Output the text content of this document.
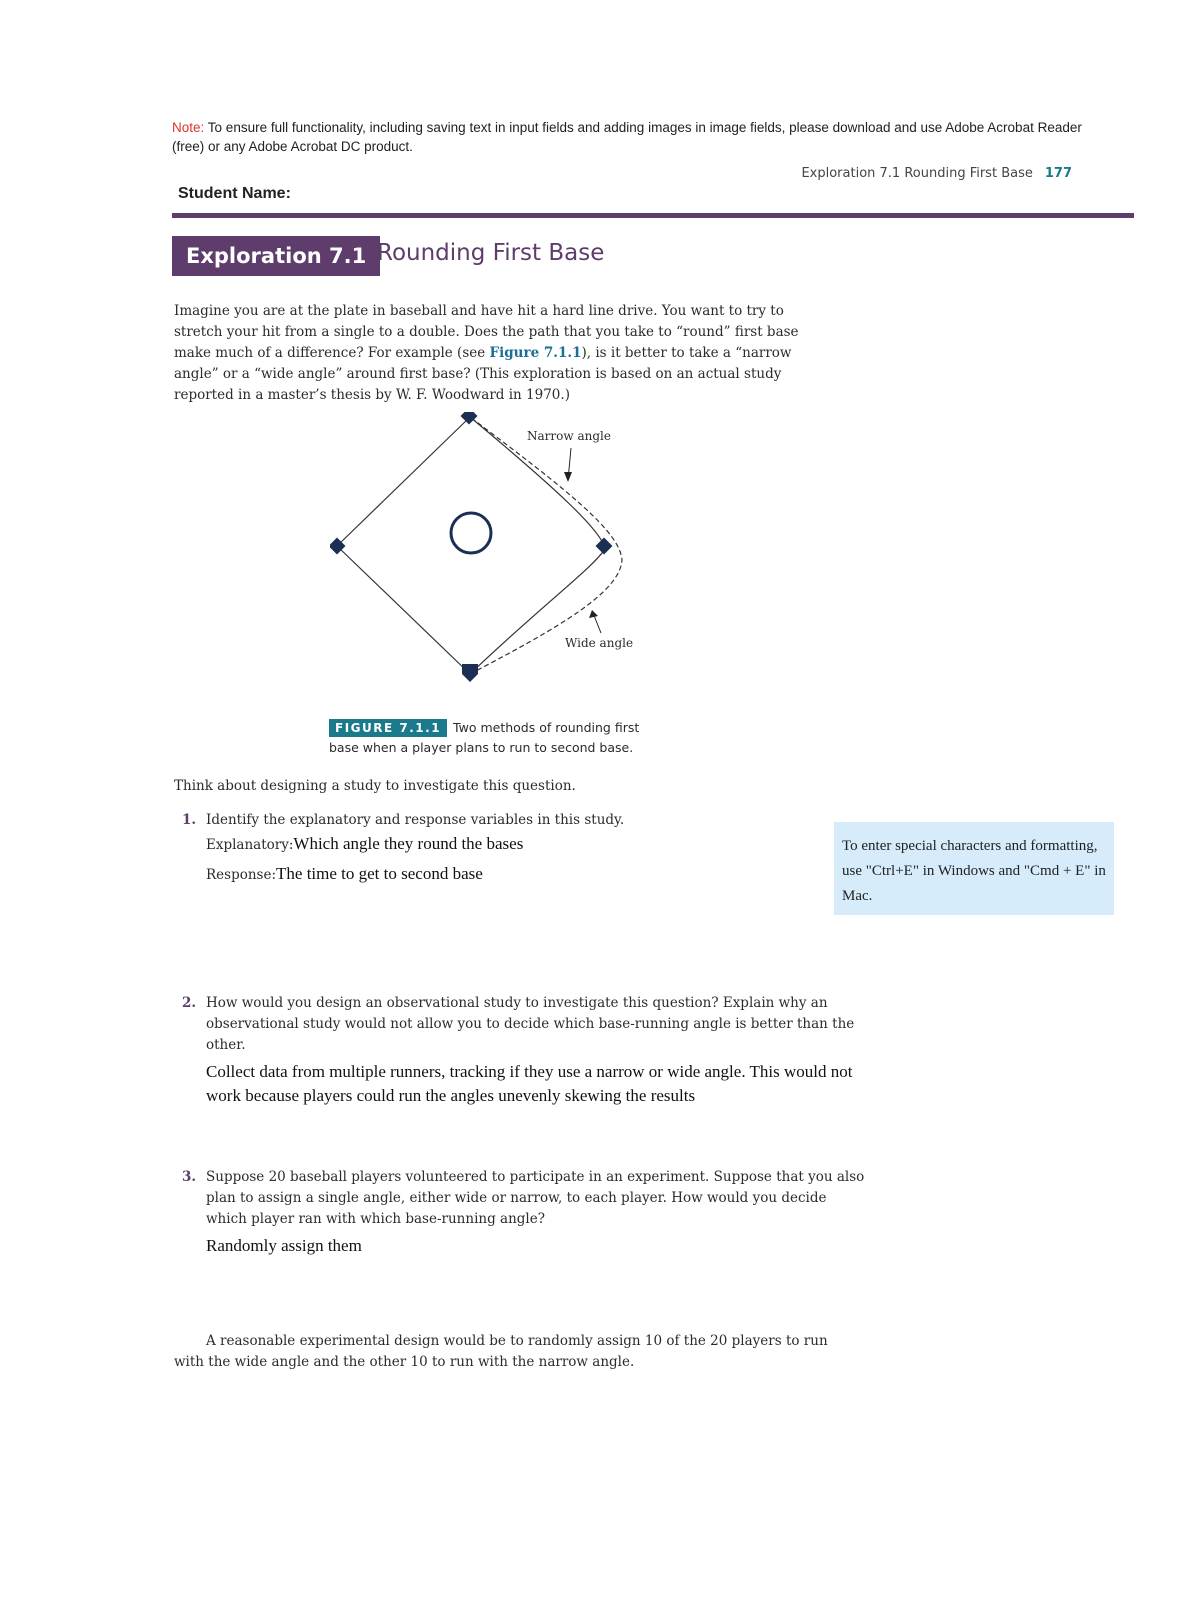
Note: To ensure full functionality, including saving text in input fields and adding images in image fields, please download and use Adobe Acrobat Reader (free) or any Adobe Acrobat DC product.
Exploration 7.1 Rounding First Base 177
Student Name:
Exploration 7.1 Rounding First Base
Imagine you are at the plate in baseball and have hit a hard line drive. You want to try to stretch your hit from a single to a double. Does the path that you take to “round” first base make much of a difference? For example (see Figure 7.1.1), is it better to take a “narrow angle” or a “wide angle” around first base? (This exploration is based on an actual study reported in a master’s thesis by W. F. Woodward in 1970.)
Narrow angle
Wide angle
FIGURE 7.1.1 Two methods of rounding first base when a player plans to run to second base.
Think about designing a study to investigate this question.
1. Identify the explanatory and response variables in this study.
Explanatory:Which angle they round the bases
Response:The time to get to second base
To enter special characters and formatting, use "Ctrl+E" in Windows and "Cmd + E" in Mac.
2. How would you design an observational study to investigate this question? Explain why an observational study would not allow you to decide which base-running angle is better than the other.
Collect data from multiple runners, tracking if they use a narrow or wide angle. This would not work because players could run the angles unevenly skewing the results
3. Suppose 20 baseball players volunteered to participate in an experiment. Suppose that you also plan to assign a single angle, either wide or narrow, to each player. How would you decide which player ran with which base-running angle?
Randomly assign them
A reasonable experimental design would be to randomly assign 10 of the 20 players to run with the wide angle and the other 10 to run with the narrow angle.
